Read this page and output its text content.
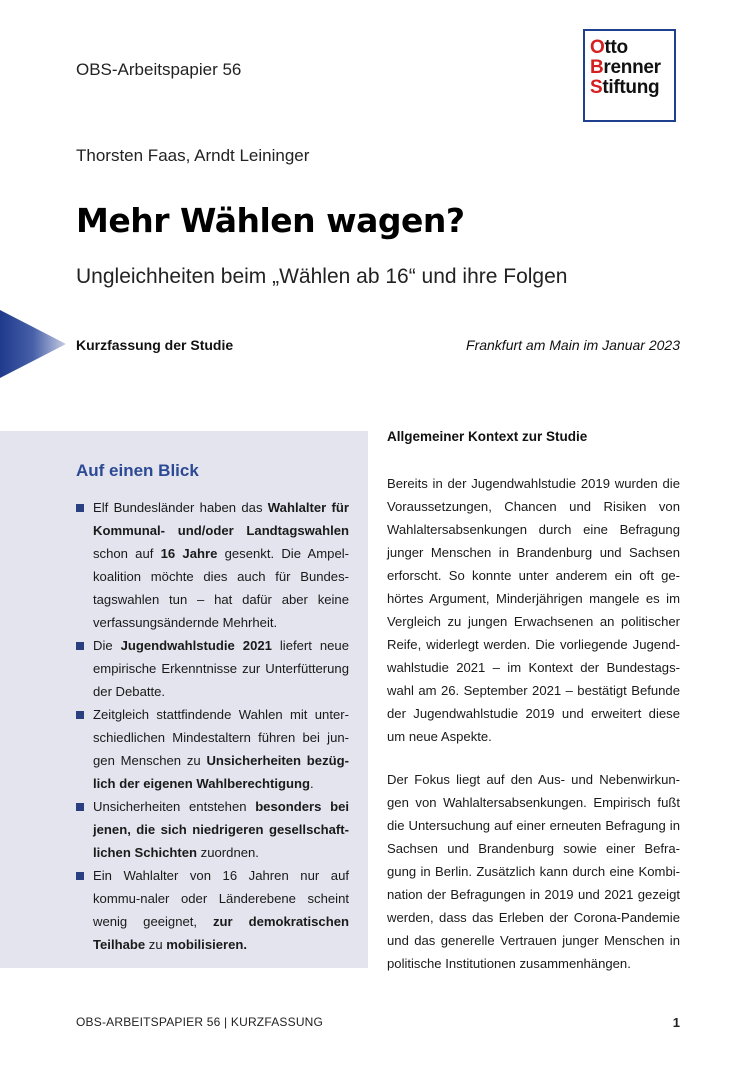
OBS-Arbeitspapier 56
Otto
Brenner
Stiftung
Thorsten Faas, Arndt Leininger
Mehr Wählen wagen?
Ungleichheiten beim „Wählen ab 16“ und ihre Folgen
Kurzfassung der Studie	Frankfurt am Main im Januar 2023
Auf einen Blick
Elf Bundesländer haben das Wahlalter für Kommunal- und/oder Landtagswahlen schon auf 16 Jahre gesenkt. Die Ampel-koalition möchte dies auch für Bundes-tagswahlen tun – hat dafür aber keine verfassungsändernde Mehrheit.
Die Jugendwahlstudie 2021 liefert neue empirische Erkenntnisse zur Unterfütterung der Debatte.
Zeitgleich stattfindende Wahlen mit unter-schiedlichen Mindestaltern führen bei jun-gen Menschen zu Unsicherheiten bezüg-lich der eigenen Wahlberechtigung.
Unsicherheiten entstehen besonders bei jenen, die sich niedrigeren gesellschaft-lichen Schichten zuordnen.
Ein Wahlalter von 16 Jahren nur auf kommu-naler oder Länderebene scheint wenig geeignet, zur demokratischen Teilhabe zu mobilisieren.
Allgemeiner Kontext zur Studie

Bereits in der Jugendwahlstudie 2019 wurden die Voraussetzungen, Chancen und Risiken von Wahlaltersabsenkungen durch eine Befragung junger Menschen in Brandenburg und Sachsen erforscht. So konnte unter anderem ein oft ge-hörtes Argument, Minderjährigen mangele es im Vergleich zu jungen Erwachsenen an politischer Reife, widerlegt werden. Die vorliegende Jugend-wahlstudie 2021 – im Kontext der Bundestags-wahl am 26. September 2021 – bestätigt Befunde der Jugendwahlstudie 2019 und erweitert diese um neue Aspekte.

Der Fokus liegt auf den Aus- und Nebenwirkun-gen von Wahlaltersabsenkungen. Empirisch fußt die Untersuchung auf einer erneuten Befragung in Sachsen und Brandenburg sowie einer Befra-gung in Berlin. Zusätzlich kann durch eine Kombi-nation der Befragungen in 2019 und 2021 gezeigt werden, dass das Erleben der Corona-Pandemie und das generelle Vertrauen junger Menschen in politische Institutionen zusammenhängen.

OBS-ARBEITSPAPIER 56 | KURZFASSUNG	1
